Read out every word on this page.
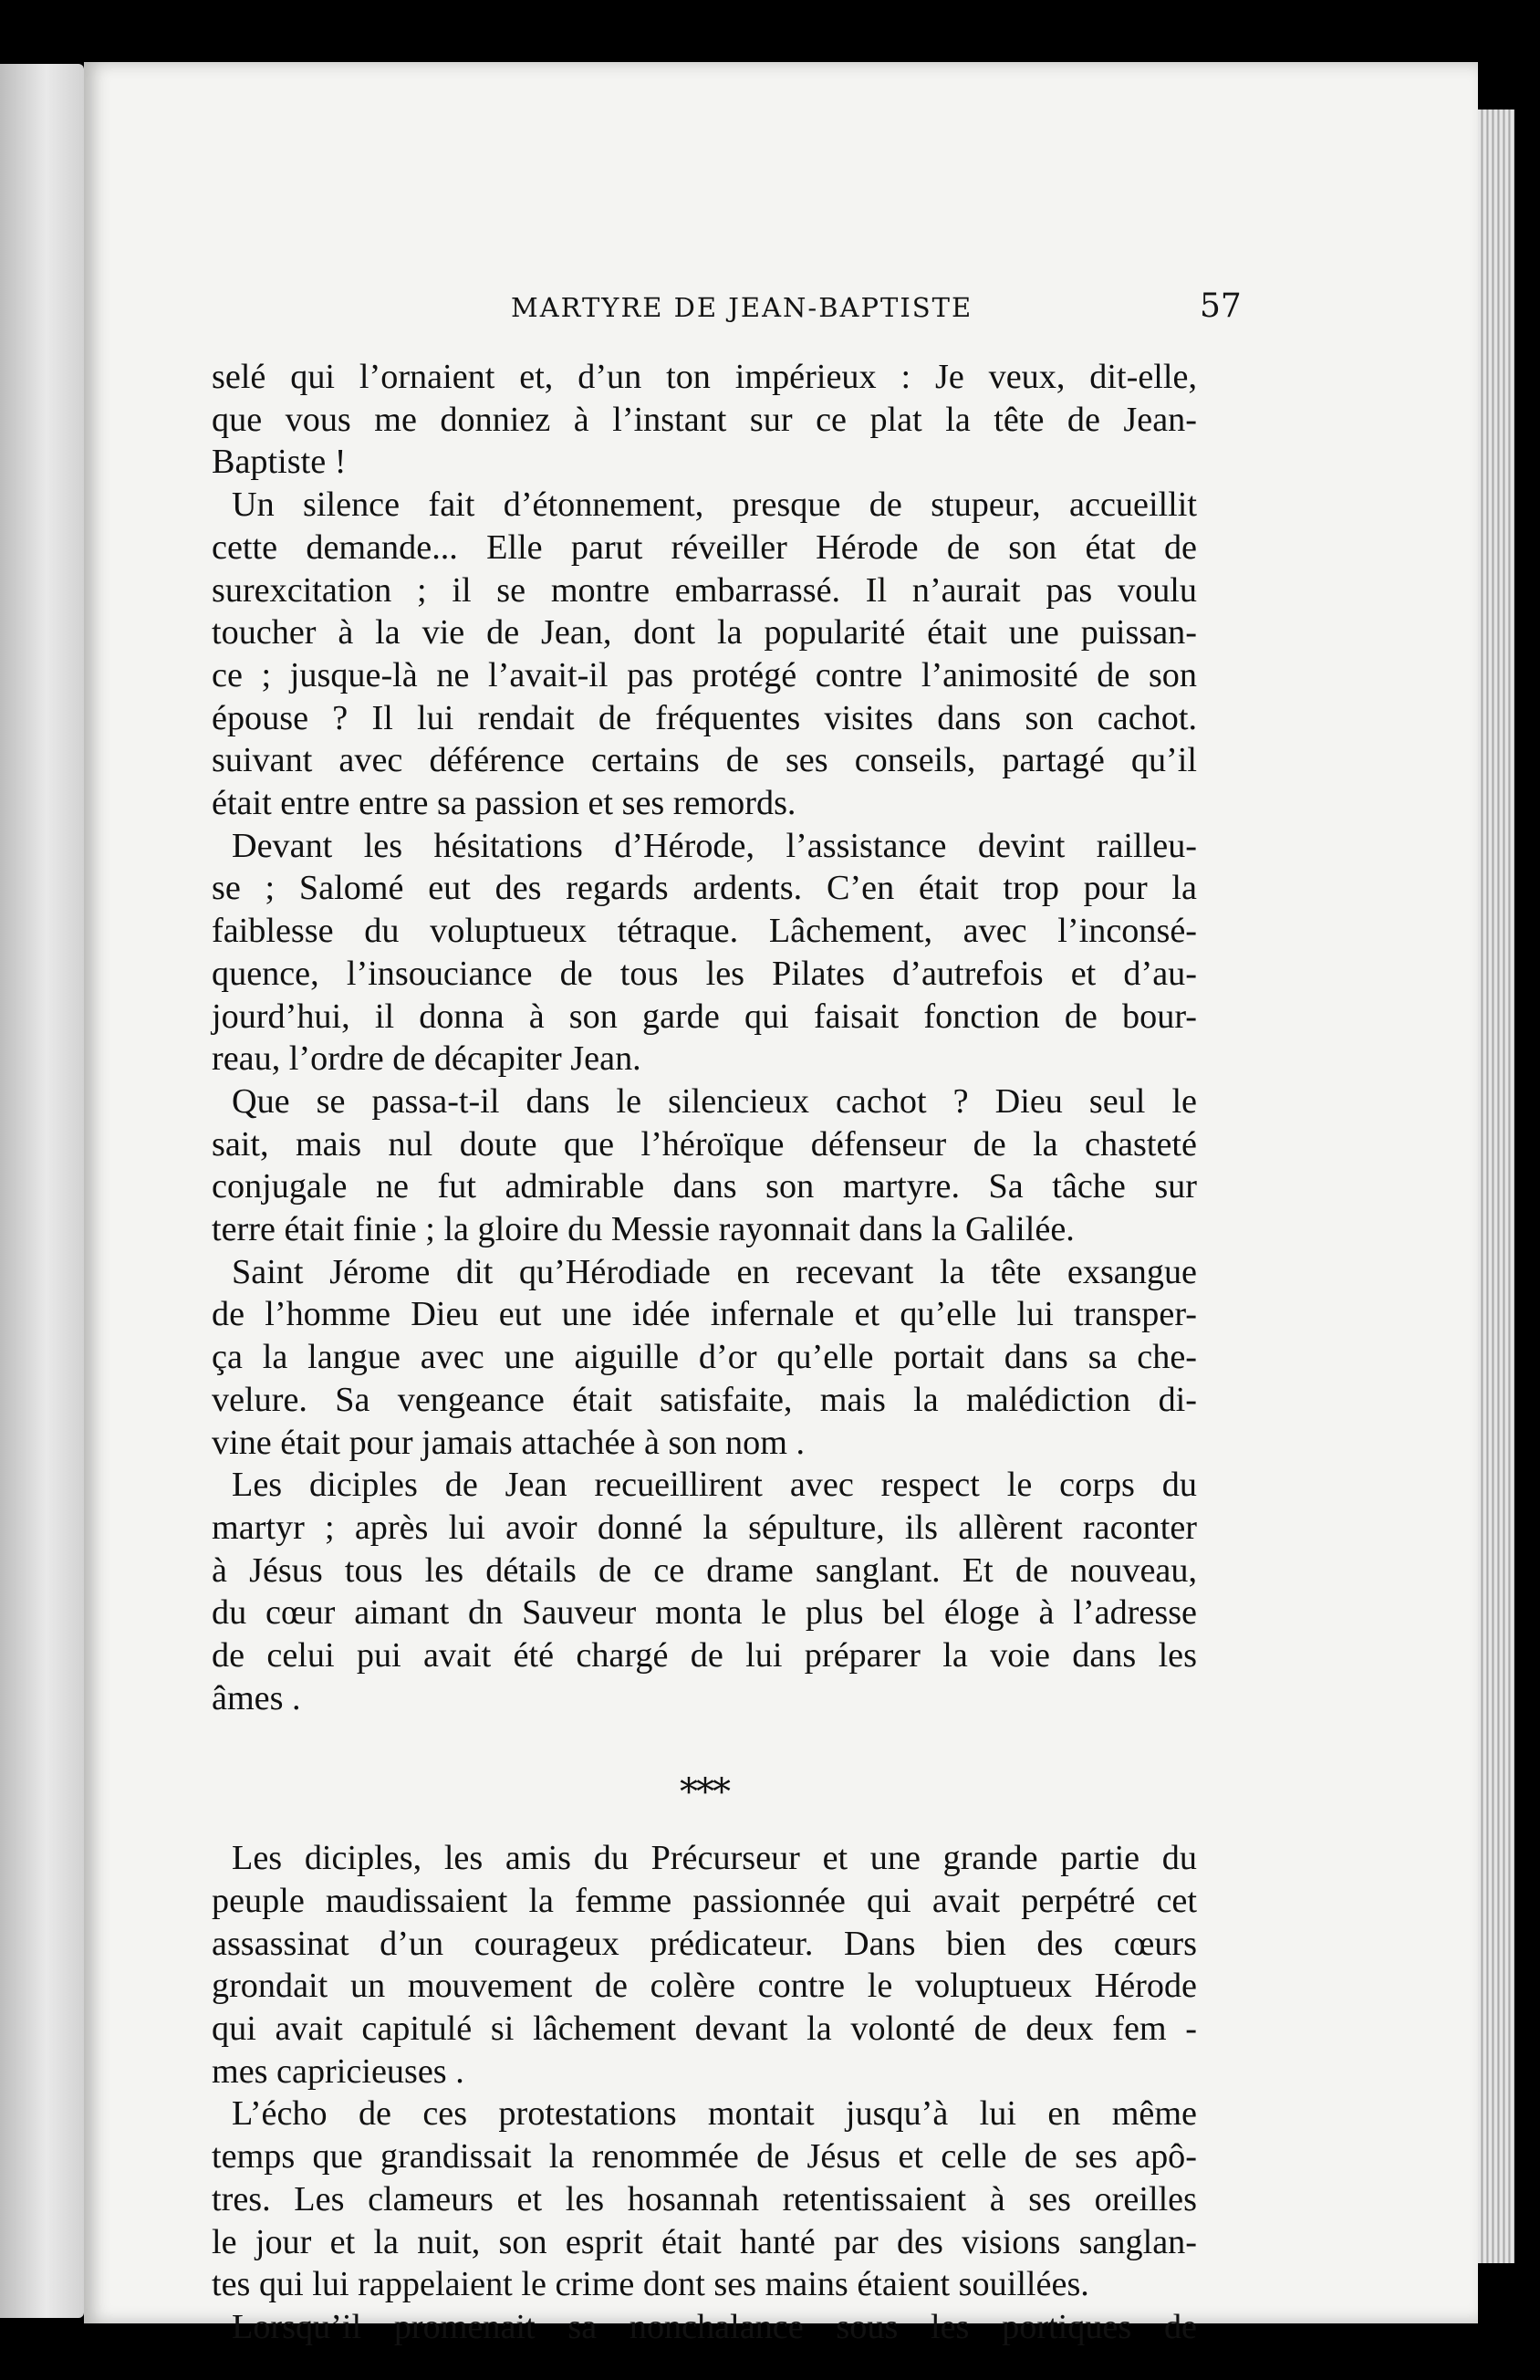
MARTYRE DE JEAN-BAPTISTE	57

selé qui l’ornaient et, d’un ton impérieux : Je veux, dit-elle,

que vous me donniez à l’instant sur ce plat la tête de Jean-

Baptiste !

Un silence fait d’étonnement, presque de stupeur, accueillit

cette demande... Elle parut réveiller Hérode de son état de

surexcitation ; il se montre embarrassé. Il n’aurait pas voulu

toucher à la vie de Jean, dont la popularité était une puissan-

ce ; jusque-là ne l’avait-il pas protégé contre l’animosité de son

épouse ? Il lui rendait de fréquentes visites dans son cachot.

suivant avec déférence certains de ses conseils, partagé qu’il

était entre entre sa passion et ses remords.

Devant les hésitations d’Hérode, l’assistance devint railleu-

se ; Salomé eut des regards ardents. C’en était trop pour la

faiblesse du voluptueux tétraque. Lâchement, avec l’inconsé-

quence, l’insouciance de tous les Pilates d’autrefois et d’au-

jourd’hui, il donna à son garde qui faisait fonction de bour-

reau, l’ordre de décapiter Jean.

Que se passa-t-il dans le silencieux cachot ? Dieu seul le

sait, mais nul doute que l’héroïque défenseur de la chasteté

conjugale ne fut admirable dans son martyre. Sa tâche sur

terre était finie ; la gloire du Messie rayonnait dans la Galilée.

Saint Jérome dit qu’Hérodiade en recevant la tête exsangue

de l’homme Dieu eut une idée infernale et qu’elle lui transper-

ça la langue avec une aiguille d’or qu’elle portait dans sa che-

velure. Sa vengeance était satisfaite, mais la malédiction di-

vine était pour jamais attachée à son nom .

Les diciples de Jean recueillirent avec respect le corps du

martyr ; après lui avoir donné la sépulture, ils allèrent raconter

à Jésus tous les détails de ce drame sanglant. Et de nouveau,

du cœur aimant dn Sauveur monta le plus bel éloge à l’adresse

de celui pui avait été chargé de lui préparer la voie dans les

âmes .

***

Les diciples, les amis du Précurseur et une grande partie du

peuple maudissaient la femme passionnée qui avait perpétré cet

assassinat d’un courageux prédicateur. Dans bien des cœurs

grondait un mouvement de colère contre le voluptueux Hérode

qui avait capitulé si lâchement devant la volonté de deux fem -

mes capricieuses .

L’écho de ces protestations montait jusqu’à lui en même

temps que grandissait la renommée de Jésus et celle de ses apô-

tres. Les clameurs et les hosannah retentissaient à ses oreilles

le jour et la nuit, son esprit était hanté par des visions sanglan-

tes qui lui rappelaient le crime dont ses mains étaient souillées.

Lorsqu’il promenait sa nonchalance sous les portiques de
